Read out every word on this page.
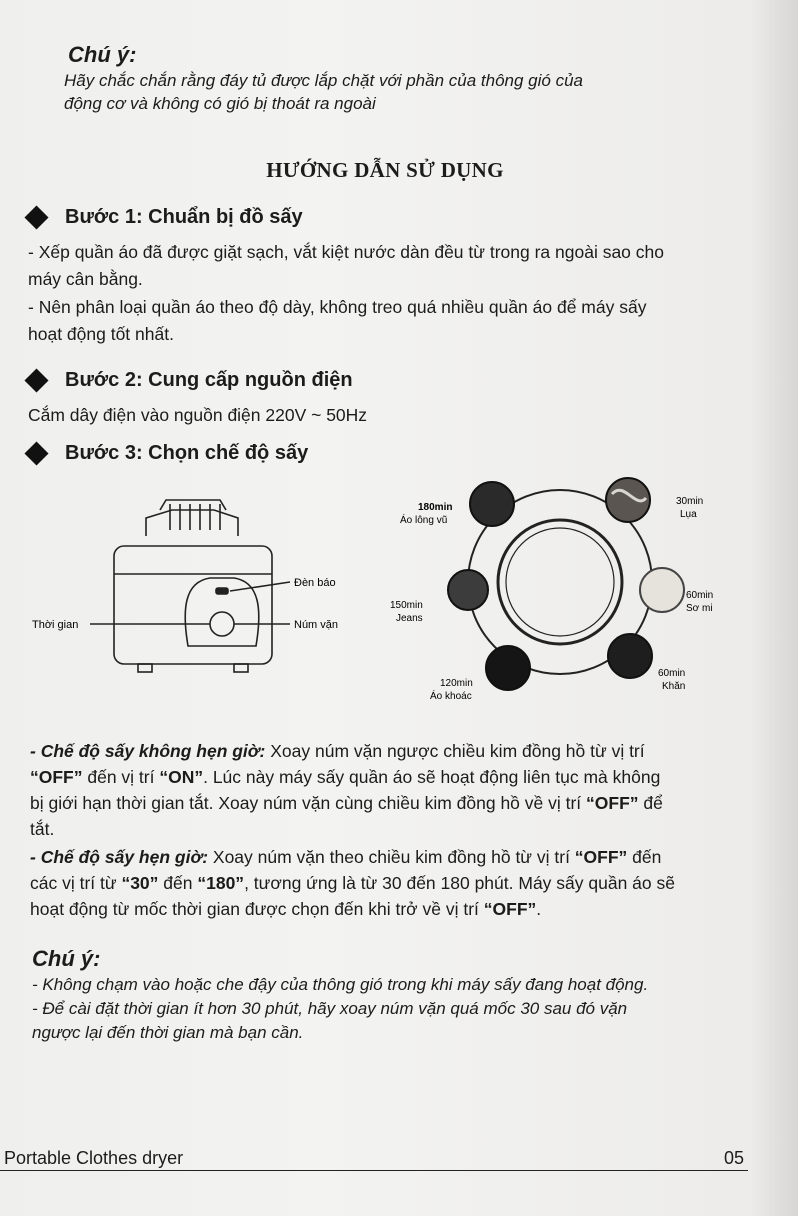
Chú ý:
Hãy chắc chắn rằng đáy tủ được lắp chặt với phần của thông gió của
động cơ và không có gió bị thoát ra ngoài
HƯỚNG DẪN SỬ DỤNG
Bước 1: Chuẩn bị đồ sấy
- Xếp quần áo đã được giặt sạch, vắt kiệt nước dàn đều từ trong ra ngoài sao cho
máy cân bằng.
- Nên phân loại quần áo theo độ dày, không treo quá nhiều quần áo để máy sấy
hoạt động tốt nhất.
Bước 2: Cung cấp nguồn điện
Cắm dây điện vào nguồn điện 220V ~ 50Hz
Bước 3: Chọn chế độ sấy
Đèn báo
Thời gian	Núm vặn
180min
Áo lông vũ
30min
Lụa
60min
Sơ mi
60min
Khăn
120min
Áo khoác
150min
Jeans
- Chế độ sấy không hẹn giờ: Xoay núm vặn ngược chiều kim đồng hồ từ vị trí
“OFF” đến vị trí “ON”. Lúc này máy sấy quần áo sẽ hoạt động liên tục mà không
bị giới hạn thời gian tắt. Xoay núm vặn cùng chiều kim đồng hồ về vị trí “OFF” để
tắt.
- Chế độ sấy hẹn giờ: Xoay núm vặn theo chiều kim đồng hồ từ vị trí “OFF” đến
các vị trí từ “30” đến “180”, tương ứng là từ 30 đến 180 phút. Máy sấy quần áo sẽ
hoạt động từ mốc thời gian được chọn đến khi trở về vị trí “OFF”.
Chú ý:
- Không chạm vào hoặc che đậy của thông gió trong khi máy sấy đang hoạt động.
- Để cài đặt thời gian ít hơn 30 phút, hãy xoay núm vặn quá mốc 30 sau đó vặn
ngược lại đến thời gian mà bạn cần.
Portable Clothes dryer	05
